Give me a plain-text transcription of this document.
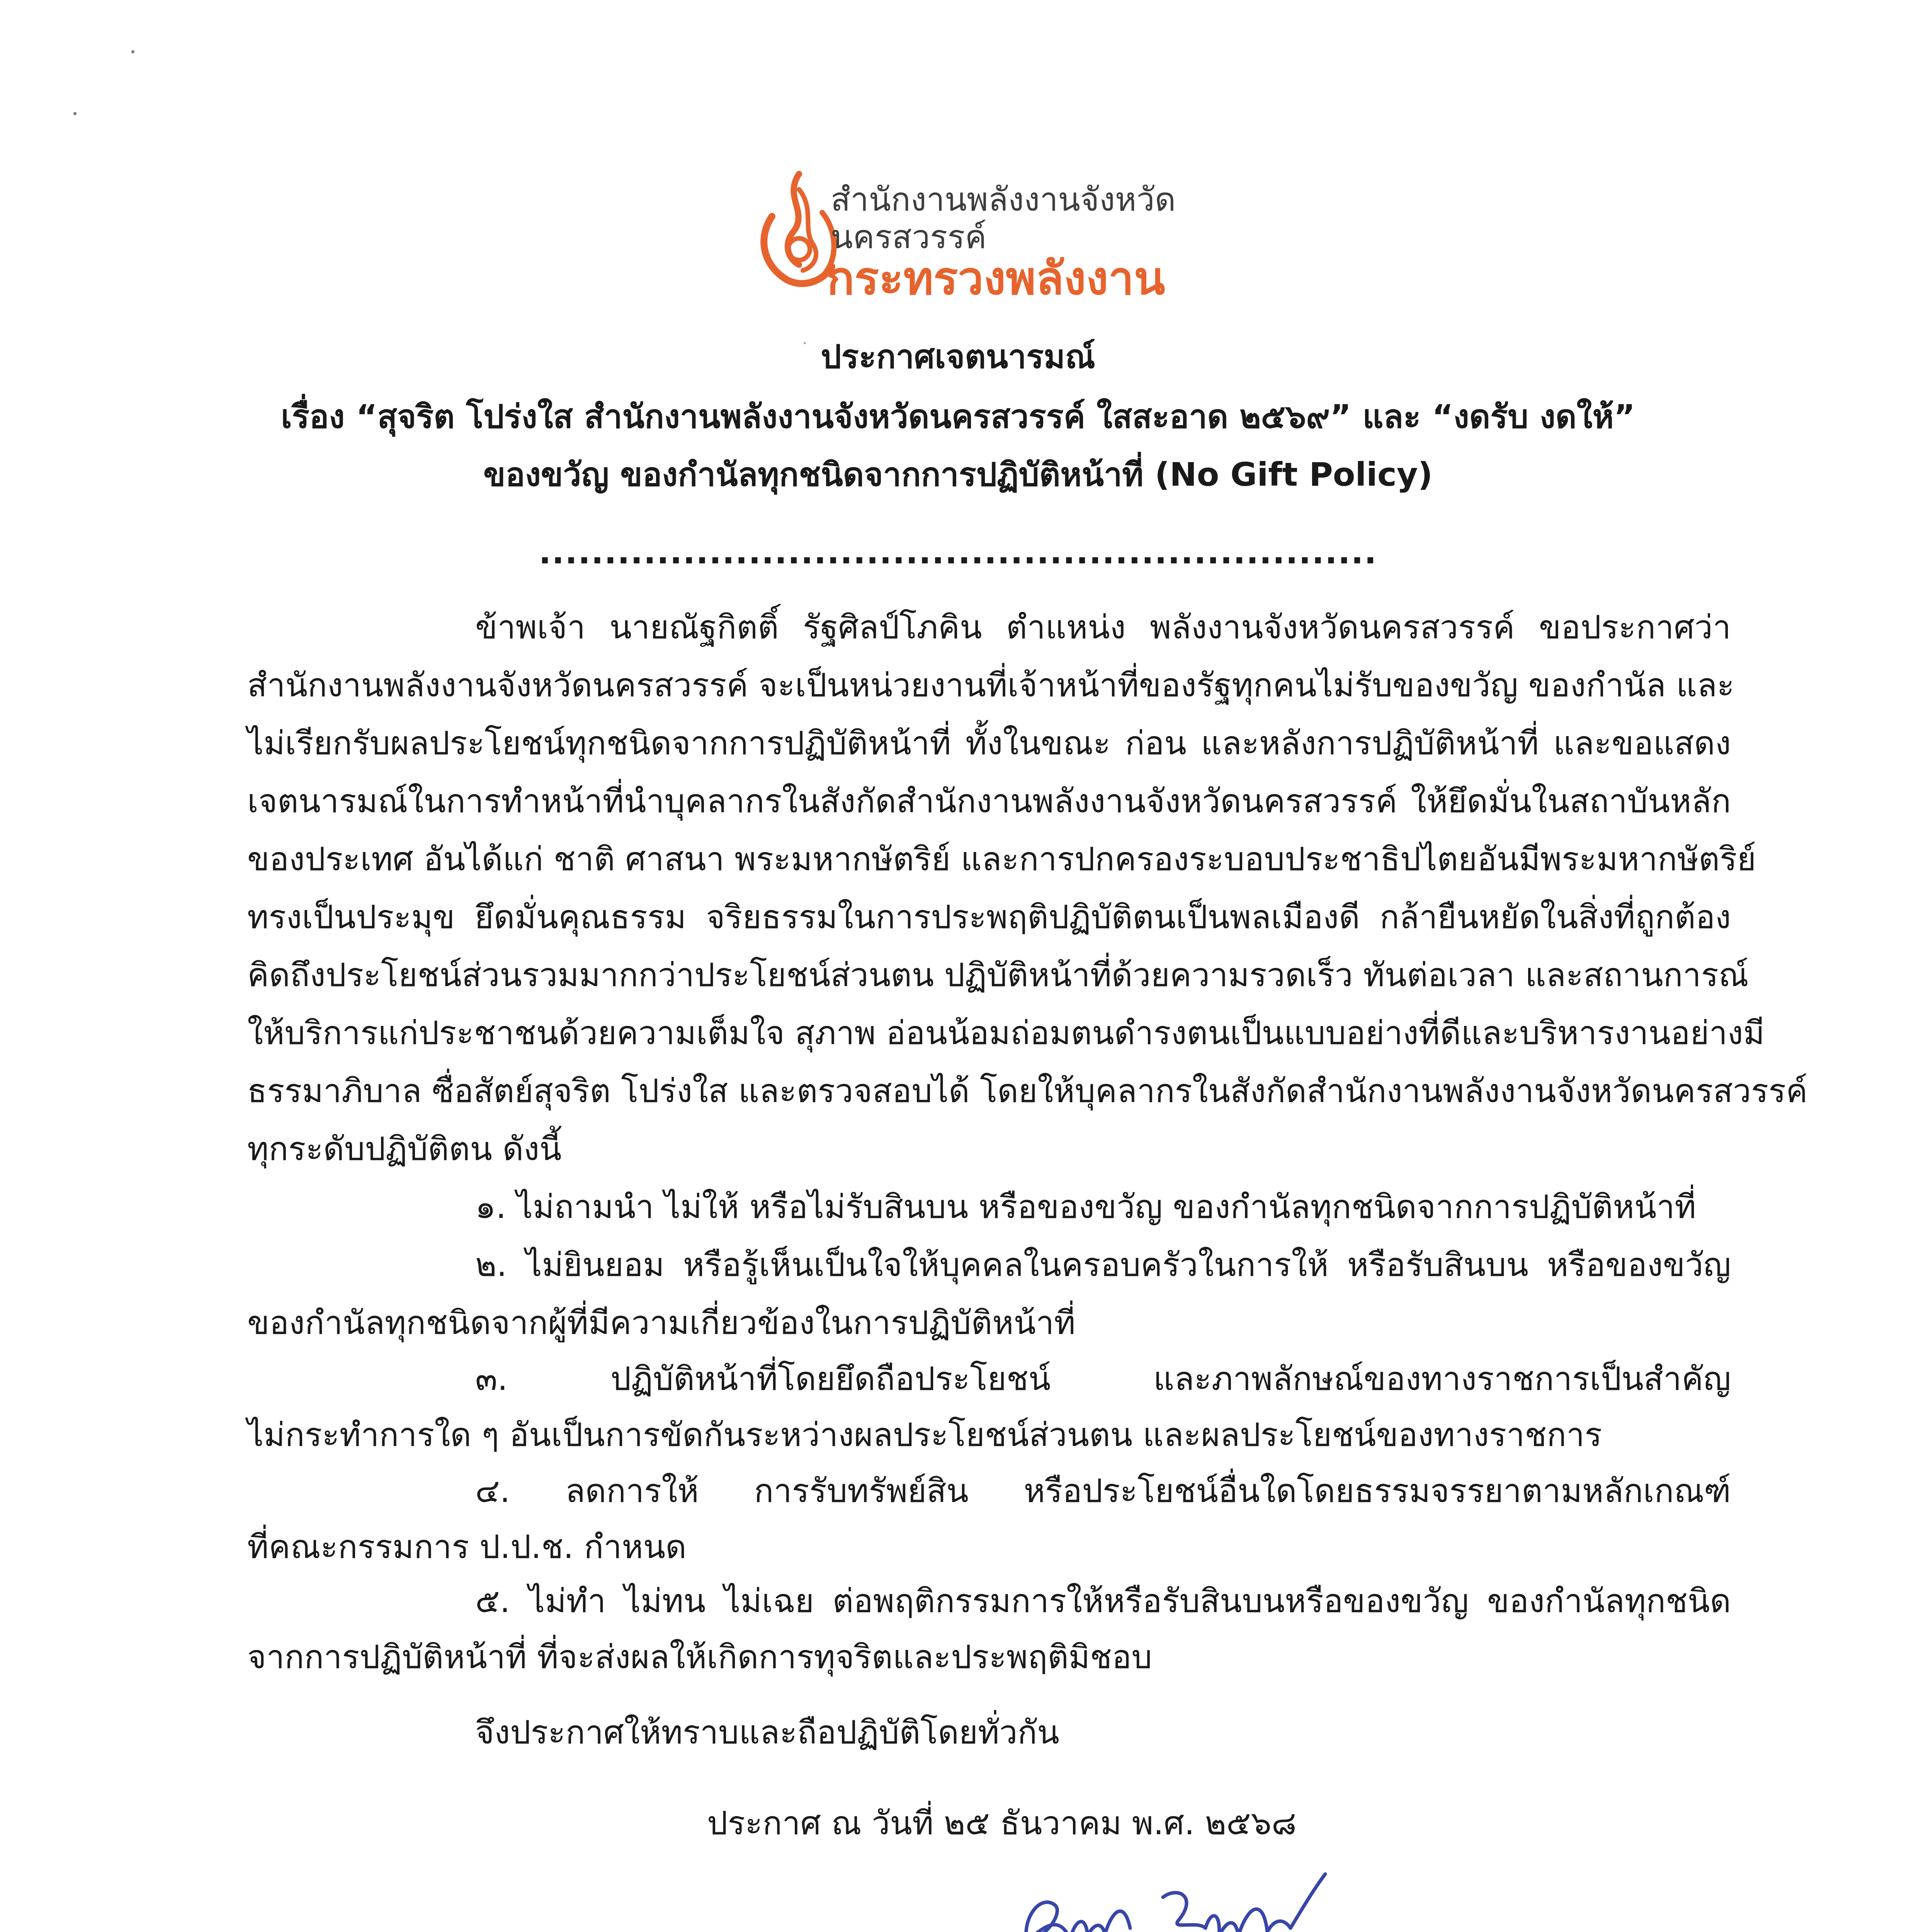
สำนักงานพลังงานจังหวัด
นครสวรรค์
กระทรวงพลังงาน
ประกาศเจตนารมณ์
เรื่อง “สุจริต โปร่งใส สำนักงานพลังงานจังหวัดนครสวรรค์ ใสสะอาด ๒๕๖๙” และ “งดรับ งดให้”
ของขวัญ ของกำนัลทุกชนิดจากการปฏิบัติหน้าที่ (No Gift Policy)
................................................................
ข้าพเจ้า นายณัฐกิตติ์ รัฐศิลป์โภคิน ตำแหน่ง พลังงานจังหวัดนครสวรรค์ ขอประกาศว่า
สำนักงานพลังงานจังหวัดนครสวรรค์ จะเป็นหน่วยงานที่เจ้าหน้าที่ของรัฐทุกคนไม่รับของขวัญ ของกำนัล และ
ไม่เรียกรับผลประโยชน์ทุกชนิดจากการปฏิบัติหน้าที่ ทั้งในขณะ ก่อน และหลังการปฏิบัติหน้าที่ และขอแสดง
เจตนารมณ์ในการทำหน้าที่นำบุคลากรในสังกัดสำนักงานพลังงานจังหวัดนครสวรรค์ ให้ยึดมั่นในสถาบันหลัก
ของประเทศ อันได้แก่ ชาติ ศาสนา พระมหากษัตริย์ และการปกครองระบอบประชาธิปไตยอันมีพระมหากษัตริย์
ทรงเป็นประมุข ยึดมั่นคุณธรรม จริยธรรมในการประพฤติปฏิบัติตนเป็นพลเมืองดี กล้ายืนหยัดในสิ่งที่ถูกต้อง
คิดถึงประโยชน์ส่วนรวมมากกว่าประโยชน์ส่วนตน ปฏิบัติหน้าที่ด้วยความรวดเร็ว ทันต่อเวลา และสถานการณ์
ให้บริการแก่ประชาชนด้วยความเต็มใจ สุภาพ อ่อนน้อมถ่อมตนดำรงตนเป็นแบบอย่างที่ดีและบริหารงานอย่างมี
ธรรมาภิบาล ซื่อสัตย์สุจริต โปร่งใส และตรวจสอบได้ โดยให้บุคลากรในสังกัดสำนักงานพลังงานจังหวัดนครสวรรค์
ทุกระดับปฏิบัติตน ดังนี้
๑. ไม่ถามนำ ไม่ให้ หรือไม่รับสินบน หรือของขวัญ ของกำนัลทุกชนิดจากการปฏิบัติหน้าที่
๒. ไม่ยินยอม หรือรู้เห็นเป็นใจให้บุคคลในครอบครัวในการให้ หรือรับสินบน หรือของขวัญ
ของกำนัลทุกชนิดจากผู้ที่มีความเกี่ยวข้องในการปฏิบัติหน้าที่
๓. ปฏิบัติหน้าที่โดยยึดถือประโยชน์ และภาพลักษณ์ของทางราชการเป็นสำคัญ
ไม่กระทำการใด ๆ อันเป็นการขัดกันระหว่างผลประโยชน์ส่วนตน และผลประโยชน์ของทางราชการ
๔. ลดการให้ การรับทรัพย์สิน หรือประโยชน์อื่นใดโดยธรรมจรรยาตามหลักเกณฑ์
ที่คณะกรรมการ ป.ป.ช. กำหนด
๕. ไม่ทำ ไม่ทน ไม่เฉย ต่อพฤติกรรมการให้หรือรับสินบนหรือของขวัญ ของกำนัลทุกชนิด
จากการปฏิบัติหน้าที่ ที่จะส่งผลให้เกิดการทุจริตและประพฤติมิชอบ
จึงประกาศให้ทราบและถือปฏิบัติโดยทั่วกัน
ประกาศ ณ วันที่ ๒๕ ธันวาคม พ.ศ. ๒๕๖๘
